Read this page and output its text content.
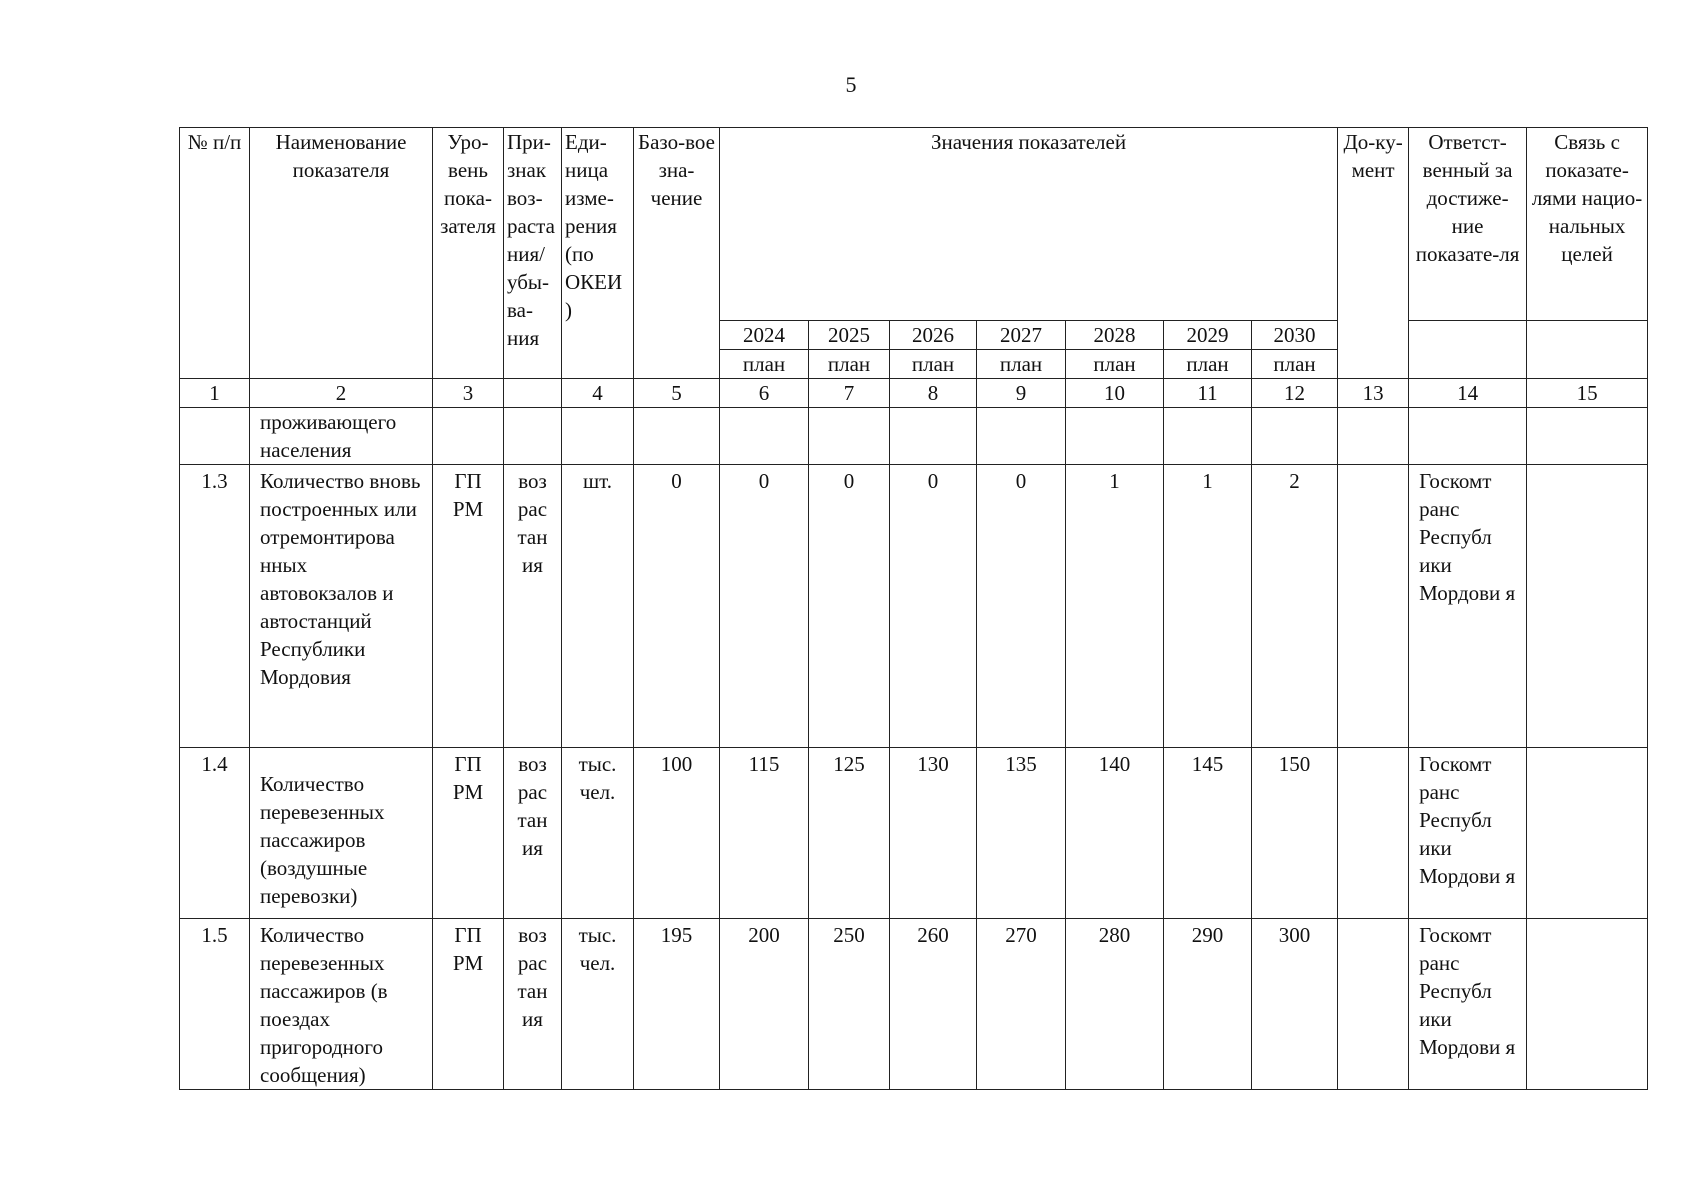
5
№ п/п	Наименование показателя	Уро-вень пока-зателя	При-знак воз-раста ния/ убы-ва-ния	Еди-ница изме-рения (по ОКЕИ )	Базо-вое зна-чение	Значения показателей							До-ку-мент	Ответст-венный за достиже-ние показате-ля	Связь с показате-лями нацио-нальных целей
						2024	2025	2026	2027	2028	2029	2030			
						план	план	план	план	план	план	план			
1	2	3		4	5	6	7	8	9	10	11	12	13	14	15
	проживающего населения														
1.3	Количество вновь построенных или отремонтирова нных автовокзалов и автостанций Республики Мордовия	ГП РМ	воз рас тан ия	шт.	0	0	0	0	0	1	1	2		Госкомт ранс Республ ики Мордови я	
1.4	Количество перевезенных пассажиров (воздушные перевозки)	ГП РМ	воз рас тан ия	тыс. чел.	100	115	125	130	135	140	145	150		Госкомт ранс Республ ики Мордови я	
1.5	Количество перевезенных пассажиров (в поездах пригородного сообщения)	ГП РМ	воз рас тан ия	тыс. чел.	195	200	250	260	270	280	290	300		Госкомт ранс Республ ики Мордови я	
